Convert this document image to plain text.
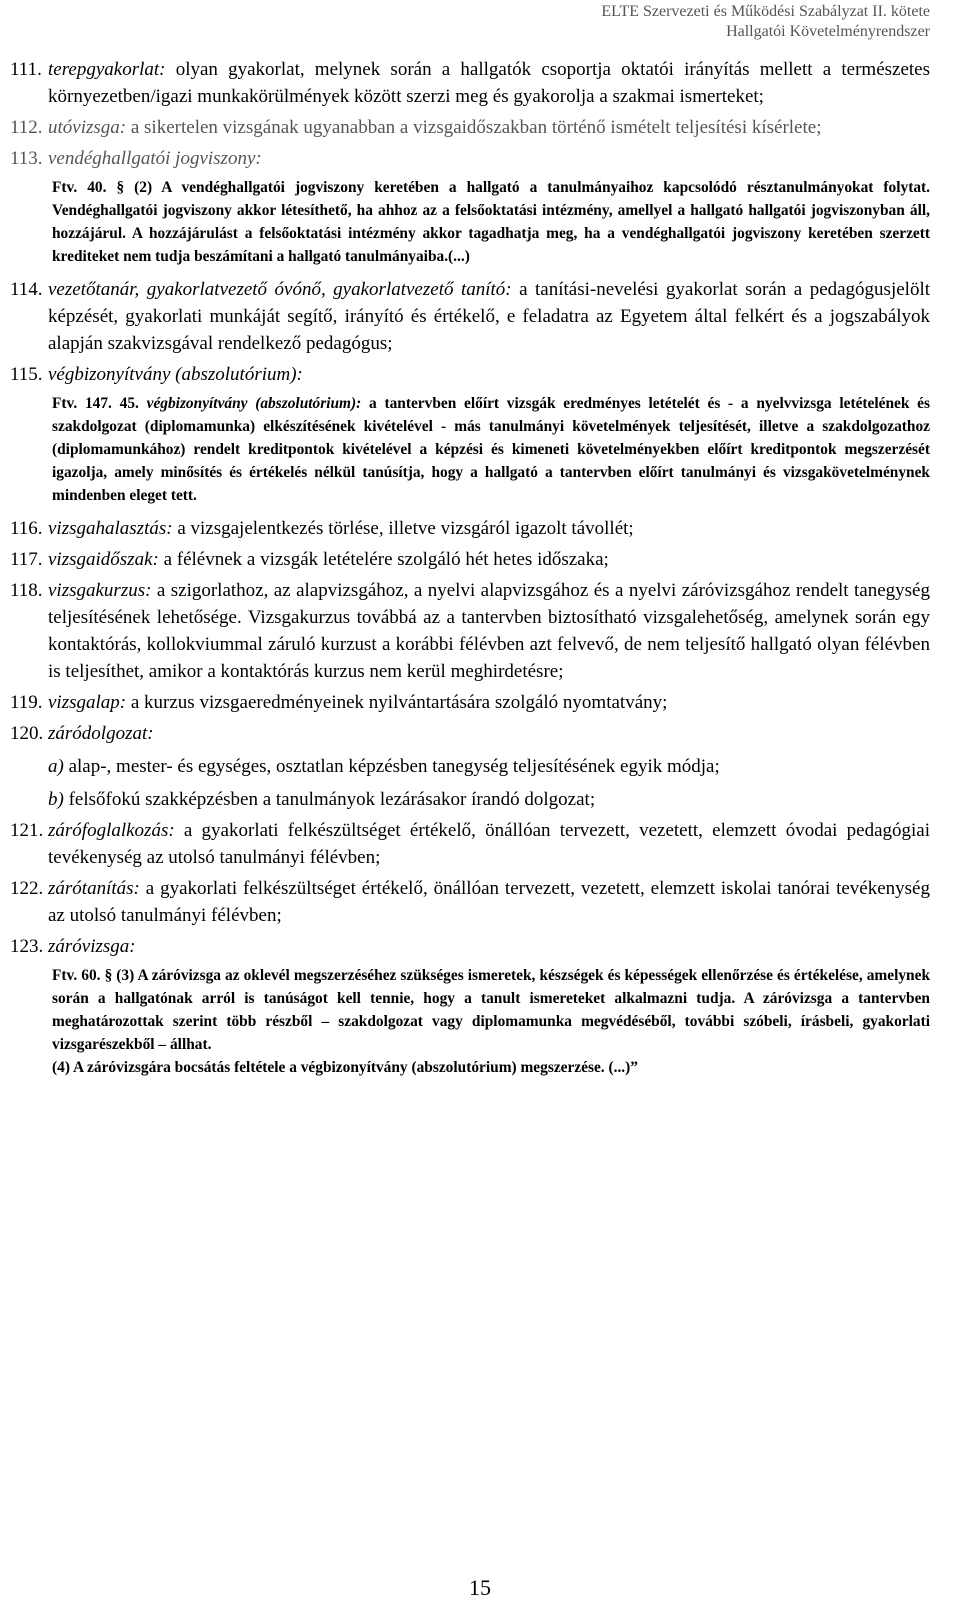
ELTE Szervezeti és Működési Szabályzat II. kötete
Hallgatói Követelményrendszer
111. terepgyakorlat: olyan gyakorlat, melynek során a hallgatók csoportja oktatói irányítás mellett a természetes környezetben/igazi munkakörülmények között szerzi meg és gyakorolja a szakmai ismerteket;
112. utóvizsga: a sikertelen vizsgának ugyanabban a vizsgaidőszakban történő ismételt teljesítési kísérlete;
113. vendéghallgatói jogviszony:

Ftv. 40. § (2) A vendéghallgatói jogviszony keretében a hallgató a tanulmányaihoz kapcsolódó résztanulmányokat folytat. Vendéghallgatói jogviszony akkor létesíthető, ha ahhoz az a felsőoktatási intézmény, amellyel a hallgató hallgatói jogviszonyban áll, hozzájárul. A hozzájárulást a felsőoktatási intézmény akkor tagadhatja meg, ha a vendéghallgatói jogviszony keretében szerzett krediteket nem tudja beszámítani a hallgató tanulmányaiba.(...)

114. vezetőtanár, gyakorlatvezető óvónő, gyakorlatvezető tanító: a tanítási-nevelési gyakorlat során a pedagógusjelölt képzését, gyakorlati munkáját segítő, irányító és értékelő, e feladatra az Egyetem által felkért és a jogszabályok alapján szakvizsgával rendelkező pedagógus;
115. végbizonyítvány (abszolutórium):

Ftv. 147. 45. végbizonyítvány (abszolutórium): a tantervben előírt vizsgák eredményes letételét és - a nyelvvizsga letételének és szakdolgozat (diplomamunka) elkészítésének kivételével - más tanulmányi követelmények teljesítését, illetve a szakdolgozathoz (diplomamunkához) rendelt kreditpontok kivételével a képzési és kimeneti követelményekben előírt kreditpontok megszerzését igazolja, amely minősítés és értékelés nélkül tanúsítja, hogy a hallgató a tantervben előírt tanulmányi és vizsgakövetelménynek mindenben eleget tett.

116. vizsgahalasztás: a vizsgajelentkezés törlése, illetve vizsgáról igazolt távollét;
117. vizsgaidőszak: a félévnek a vizsgák letételére szolgáló hét hetes időszaka;
118. vizsgakurzus: a szigorlathoz, az alapvizsgához, a nyelvi alapvizsgához és a nyelvi záróvizsgához rendelt tanegység teljesítésének lehetősége. Vizsgakurzus továbbá az a tantervben biztosítható vizsgalehetőség, amelynek során egy kontaktórás, kollokviummal záruló kurzust a korábbi félévben azt felvevő, de nem teljesítő hallgató olyan félévben is teljesíthet, amikor a kontaktórás kurzus nem kerül meghirdetésre;
119. vizsgalap: a kurzus vizsgaeredményeinek nyilvántartására szolgáló nyomtatvány;
120. záródolgozat:
a) alap-, mester- és egységes, osztatlan képzésben tanegység teljesítésének egyik módja;
b) felsőfokú szakképzésben a tanulmányok lezárásakor írandó dolgozat;
121. zárófoglalkozás: a gyakorlati felkészültséget értékelő, önállóan tervezett, vezetett, elemzett óvodai pedagógiai tevékenység az utolsó tanulmányi félévben;
122. zárótanítás: a gyakorlati felkészültséget értékelő, önállóan tervezett, vezetett, elemzett iskolai tanórai tevékenység az utolsó tanulmányi félévben;
123. záróvizsga:

Ftv. 60. § (3) A záróvizsga az oklevél megszerzéséhez szükséges ismeretek, készségek és képességek ellenőrzése és értékelése, amelynek során a hallgatónak arról is tanúságot kell tennie, hogy a tanult ismereteket alkalmazni tudja. A záróvizsga a tantervben meghatározottak szerint több részből – szakdolgozat vagy diplomamunka megvédéséből, további szóbeli, írásbeli, gyakorlati vizsgarészekből – állhat.

(4) A záróvizsgára bocsátás feltétele a végbizonyítvány (abszolutórium) megszerzése. (...)”

15
